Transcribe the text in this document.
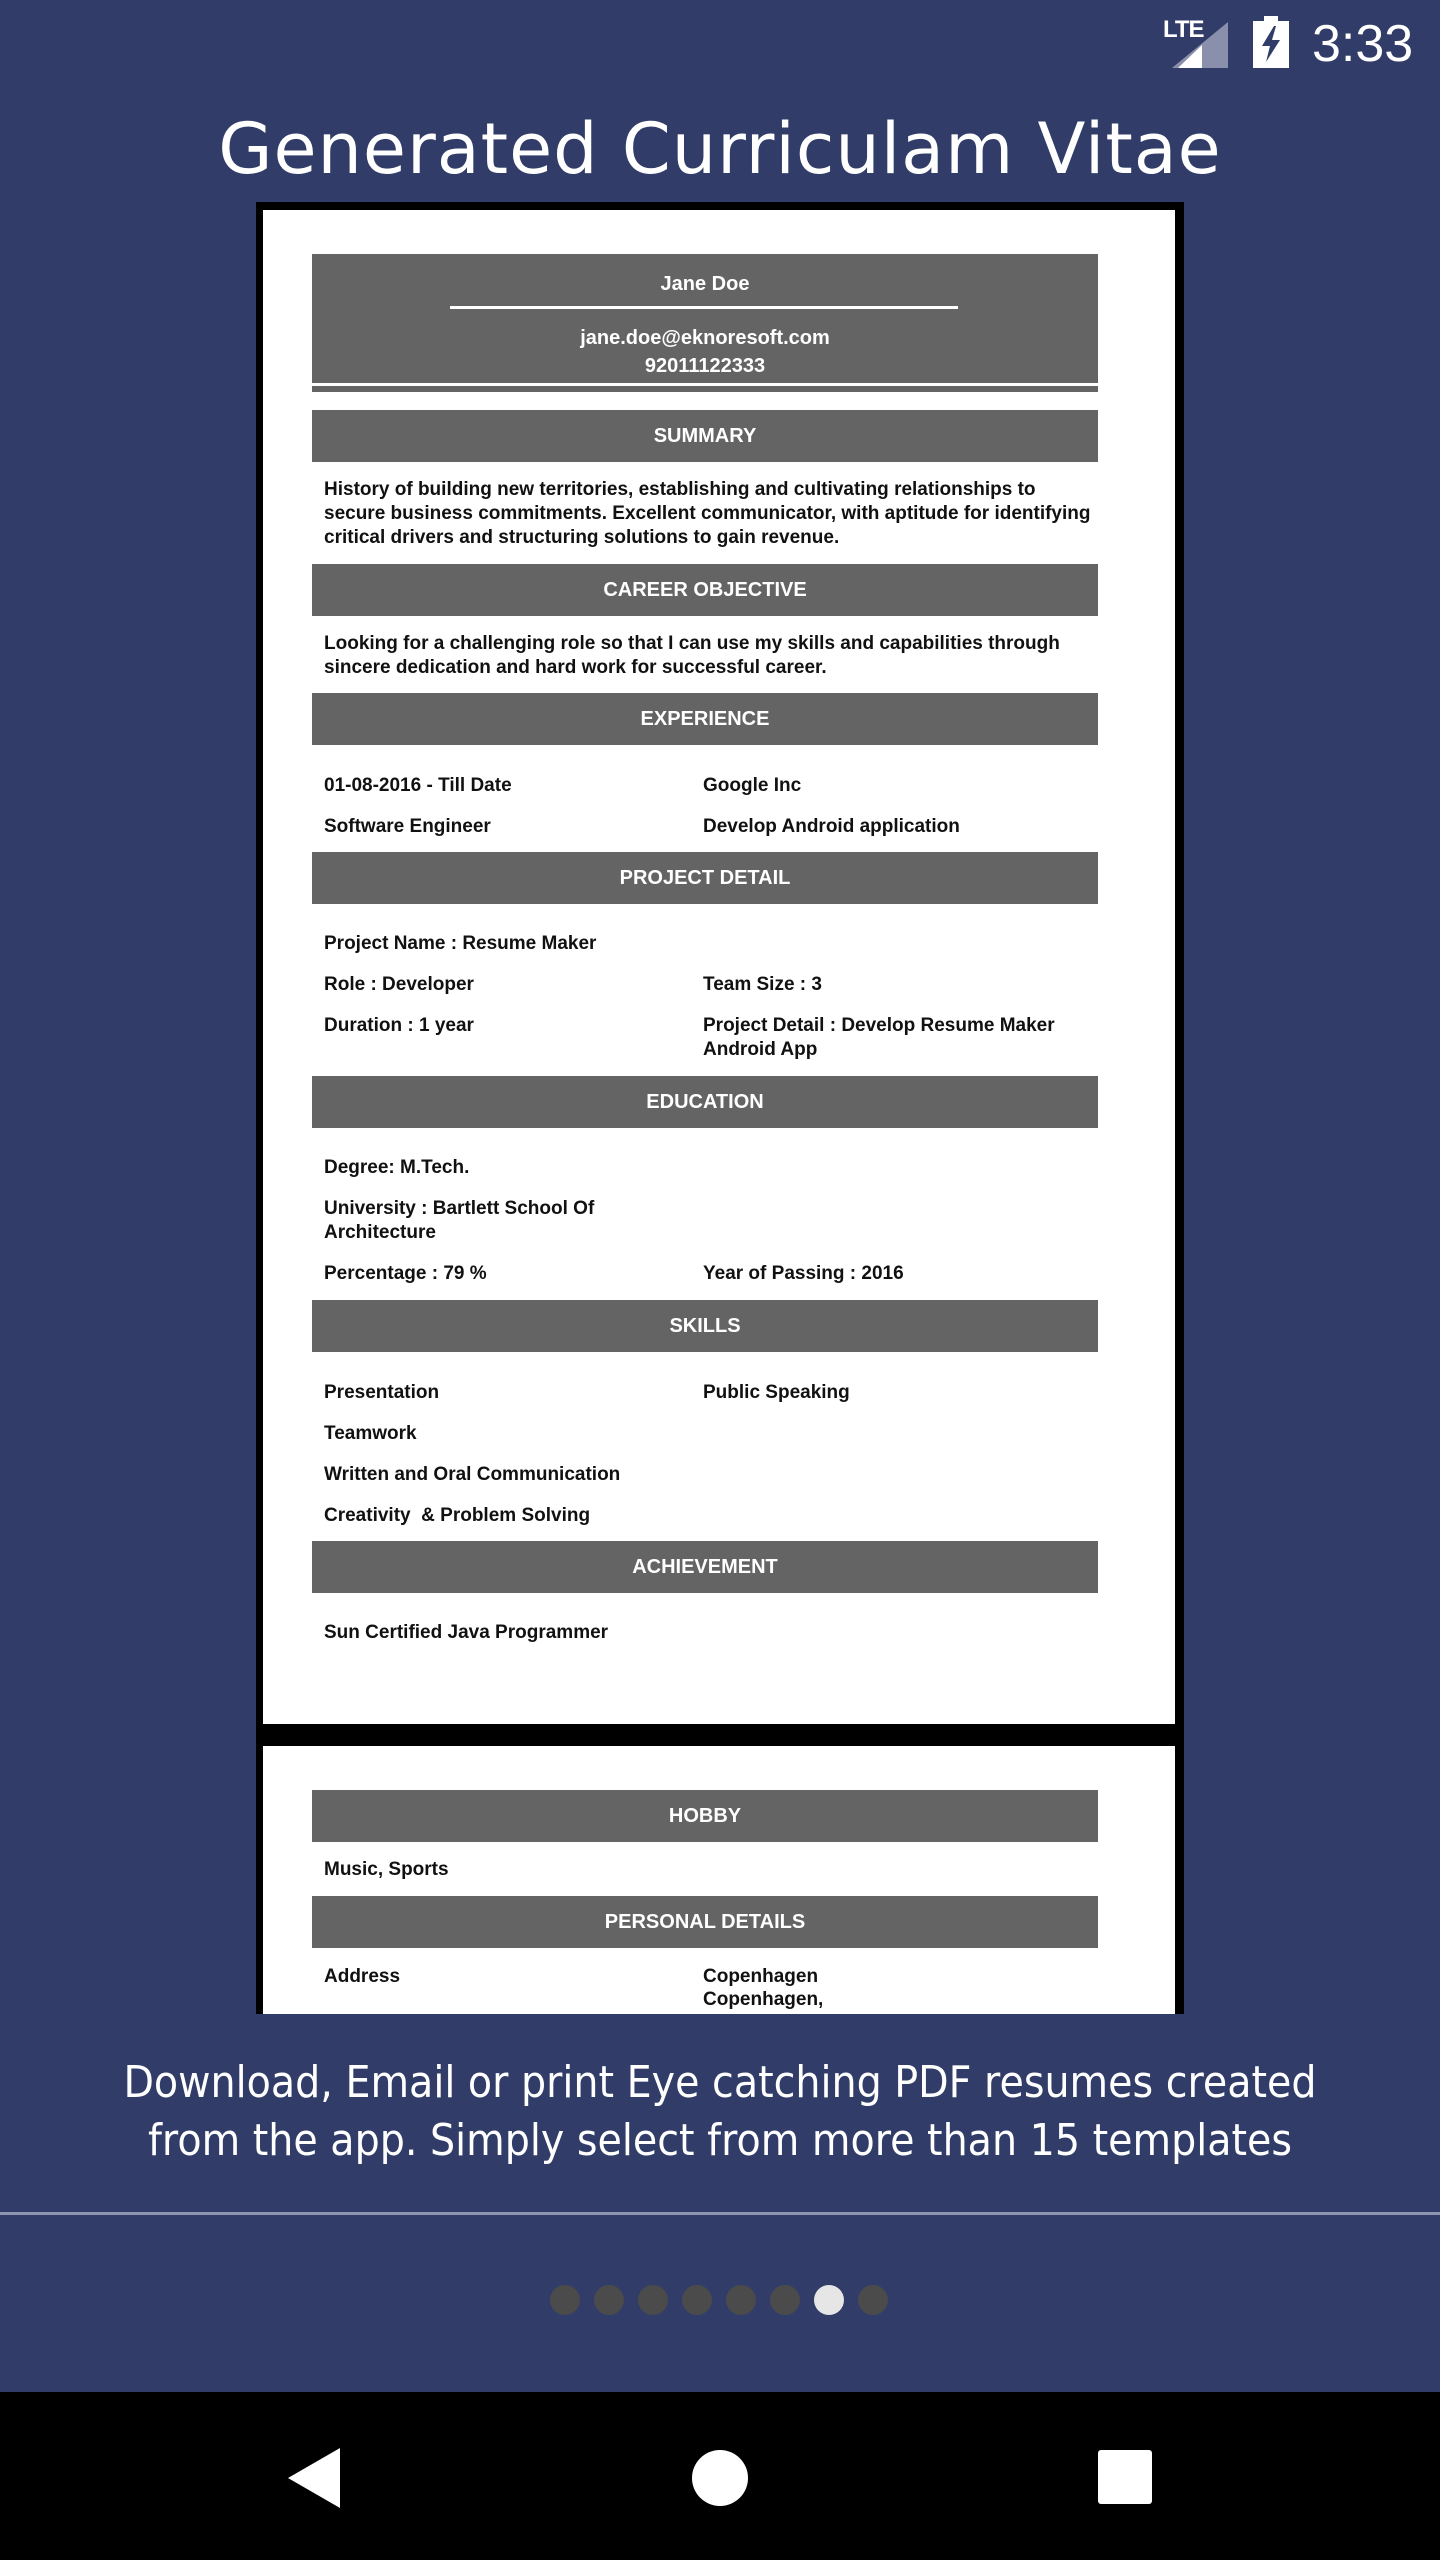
LTE 3:33
Generated Curriculam Vitae
Jane Doe
jane.doe@eknoresoft.com
92011122333
SUMMARY
History of building new territories, establishing and cultivating relationships to secure business commitments. Excellent communicator, with aptitude for identifying critical drivers and structuring solutions to gain revenue.
CAREER OBJECTIVE
Looking for a challenging role so that I can use my skills and capabilities through sincere dedication and hard work for successful career.
EXPERIENCE
01-08-2016 - Till Date	Google Inc
Software Engineer	Develop Android application
PROJECT DETAIL
Project Name : Resume Maker
Role : Developer	Team Size : 3
Duration : 1 year	Project Detail : Develop Resume Maker Android App
EDUCATION
Degree: M.Tech.
University : Bartlett School Of Architecture
Percentage : 79 %	Year of Passing : 2016
SKILLS
Presentation	Public Speaking
Teamwork
Written and Oral Communication
Creativity  & Problem Solving
ACHIEVEMENT
Sun Certified Java Programmer
HOBBY
Music, Sports
PERSONAL DETAILS
Address	Copenhagen
Copenhagen,
Download, Email or print Eye catching PDF resumes created from the app. Simply select from more than 15 templates
